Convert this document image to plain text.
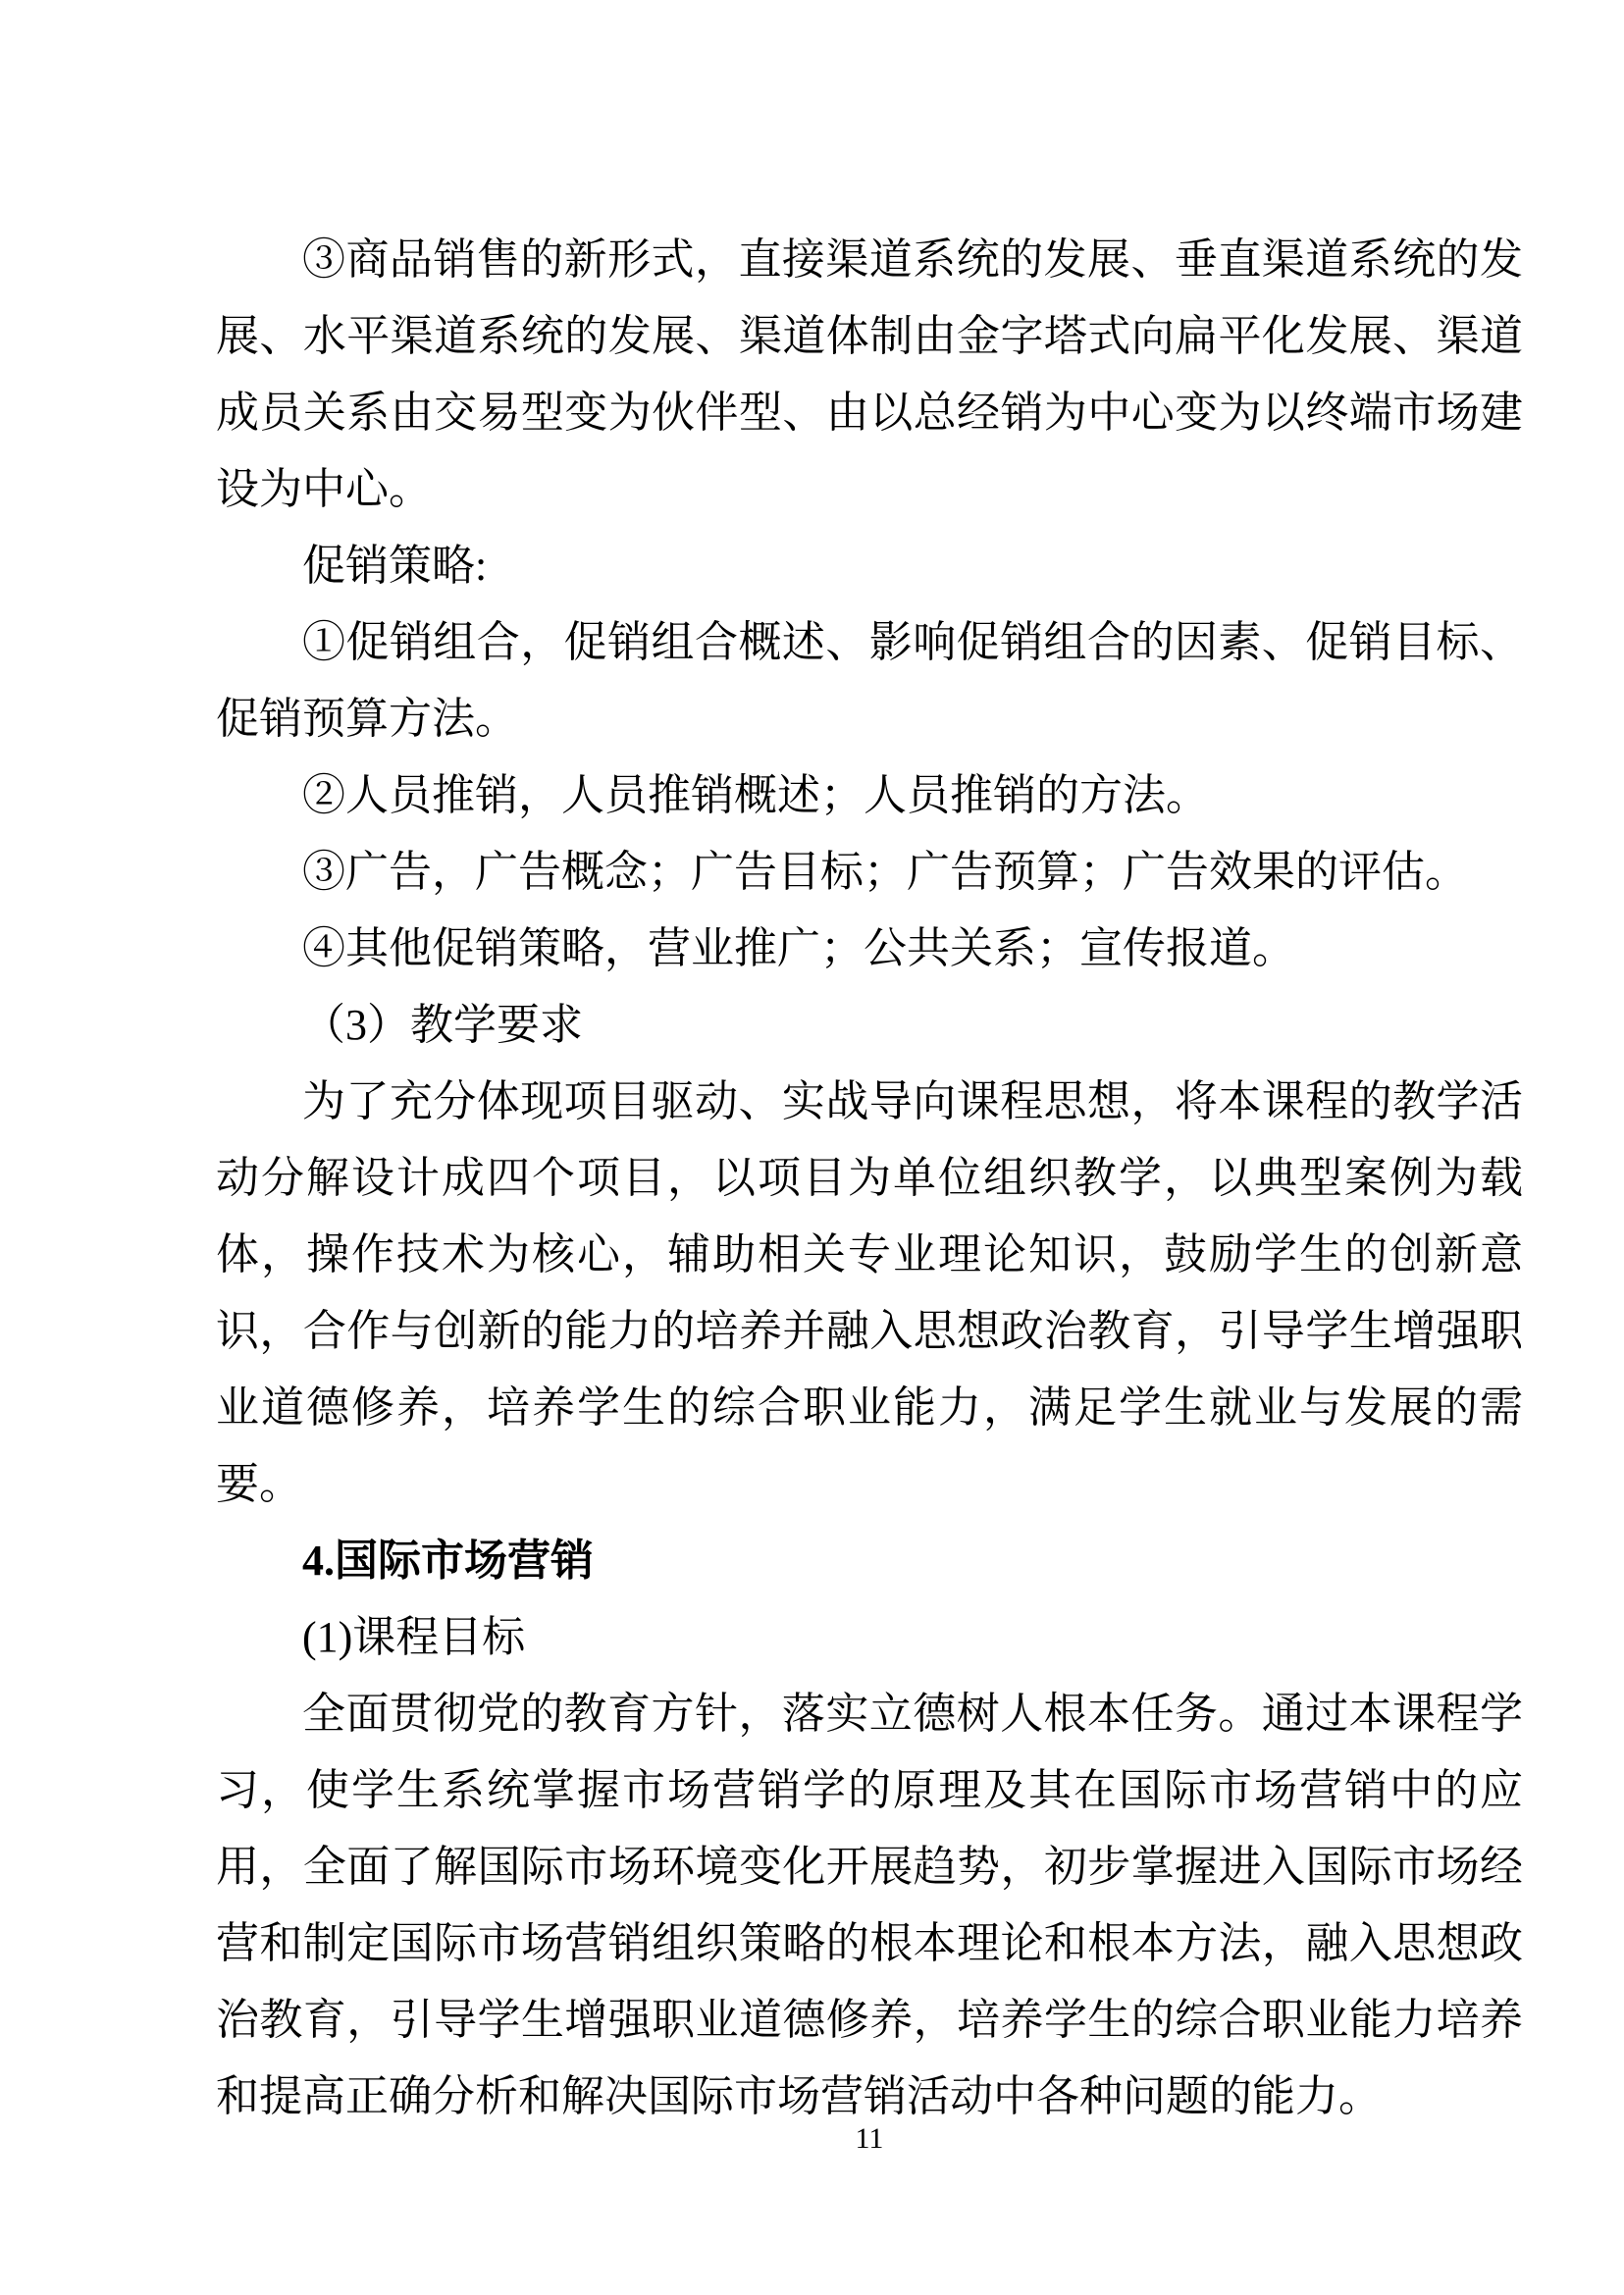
③商品销售的新形式，直接渠道系统的发展、垂直渠道系统的发
展、水平渠道系统的发展、渠道体制由金字塔式向扁平化发展、渠道
成员关系由交易型变为伙伴型、由以总经销为中心变为以终端市场建
设为中心。
促销策略:
①促销组合，促销组合概述、影响促销组合的因素、促销目标、
促销预算方法。
②人员推销，人员推销概述；人员推销的方法。
③广告，广告概念；广告目标；广告预算；广告效果的评估。
④其他促销策略，营业推广；公共关系；宣传报道。
（3）教学要求
为了充分体现项目驱动、实战导向课程思想，将本课程的教学活
动分解设计成四个项目，以项目为单位组织教学，以典型案例为载
体，操作技术为核心，辅助相关专业理论知识，鼓励学生的创新意
识，合作与创新的能力的培养并融入思想政治教育，引导学生增强职
业道德修养，培养学生的综合职业能力，满足学生就业与发展的需
要。
4.国际市场营销
(1)课程目标
全面贯彻党的教育方针，落实立德树人根本任务。通过本课程学
习，使学生系统掌握市场营销学的原理及其在国际市场营销中的应
用，全面了解国际市场环境变化开展趋势，初步掌握进入国际市场经
营和制定国际市场营销组织策略的根本理论和根本方法，融入思想政
治教育，引导学生增强职业道德修养，培养学生的综合职业能力培养
和提高正确分析和解决国际市场营销活动中各种问题的能力。
11
